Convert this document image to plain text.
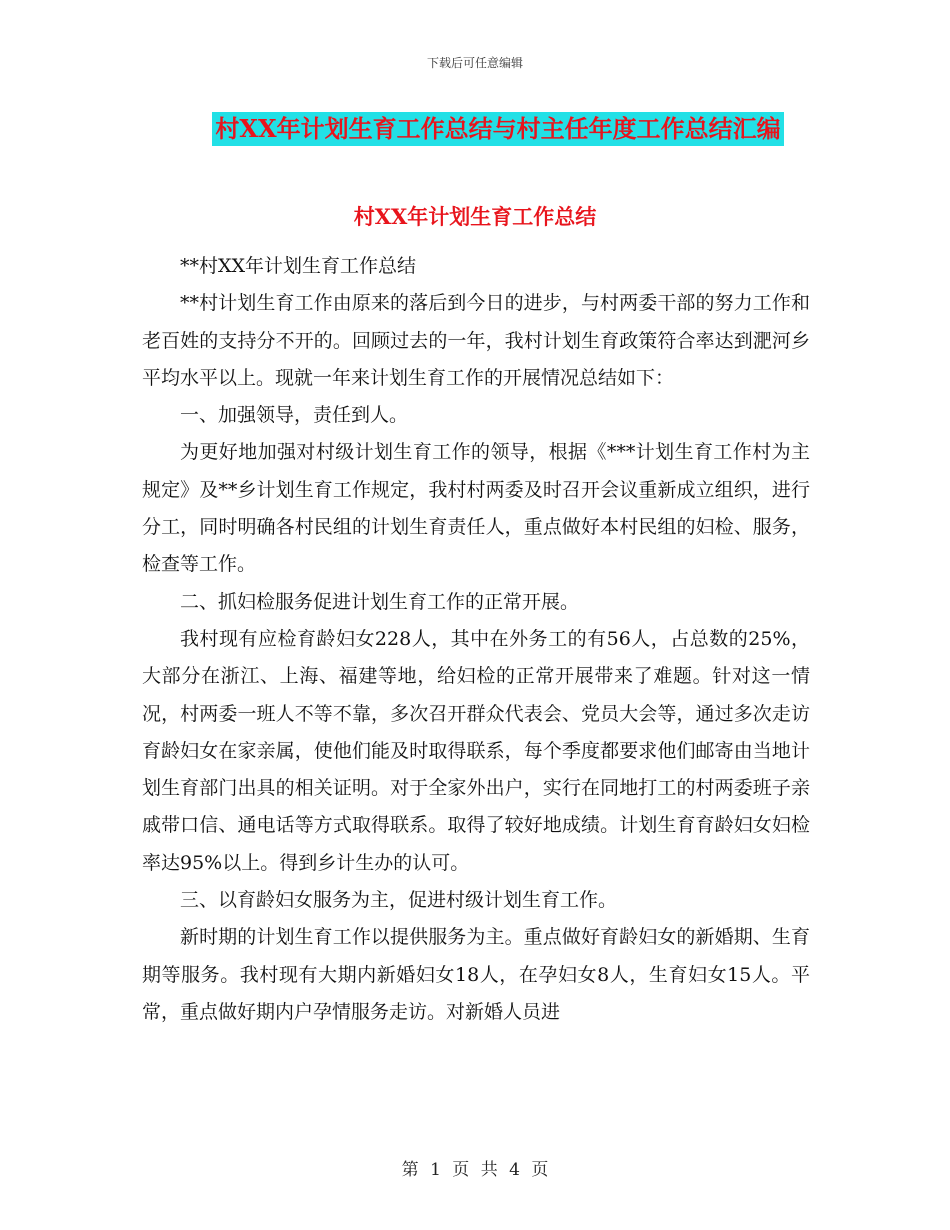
下载后可任意编辑
村XX年计划生育工作总结与村主任年度工作总结汇编
村XX年计划生育工作总结

**村XX年计划生育工作总结

**村计划生育工作由原来的落后到今日的进步，与村两委干部的努力工作和老百姓的支持分不开的。回顾过去的一年，我村计划生育政策符合率达到淝河乡平均水平以上。现就一年来计划生育工作的开展情况总结如下：

一、加强领导，责任到人。

为更好地加强对村级计划生育工作的领导，根据《***计划生育工作村为主规定》及**乡计划生育工作规定，我村村两委及时召开会议重新成立组织，进行分工，同时明确各村民组的计划生育责任人，重点做好本村民组的妇检、服务，检查等工作。

二、抓妇检服务促进计划生育工作的正常开展。

我村现有应检育龄妇女228人，其中在外务工的有56人，占总数的25%，大部分在浙江、上海、福建等地，给妇检的正常开展带来了难题。针对这一情况，村两委一班人不等不靠，多次召开群众代表会、党员大会等，通过多次走访育龄妇女在家亲属，使他们能及时取得联系，每个季度都要求他们邮寄由当地计划生育部门出具的相关证明。对于全家外出户，实行在同地打工的村两委班子亲戚带口信、通电话等方式取得联系。取得了较好地成绩。计划生育育龄妇女妇检率达95%以上。得到乡计生办的认可。

三、以育龄妇女服务为主，促进村级计划生育工作。

新时期的计划生育工作以提供服务为主。重点做好育龄妇女的新婚期、生育期等服务。我村现有大期内新婚妇女18人，在孕妇女8人，生育妇女15人。平常，重点做好期内户孕情服务走访。对新婚人员进

第 1 页 共 4 页
